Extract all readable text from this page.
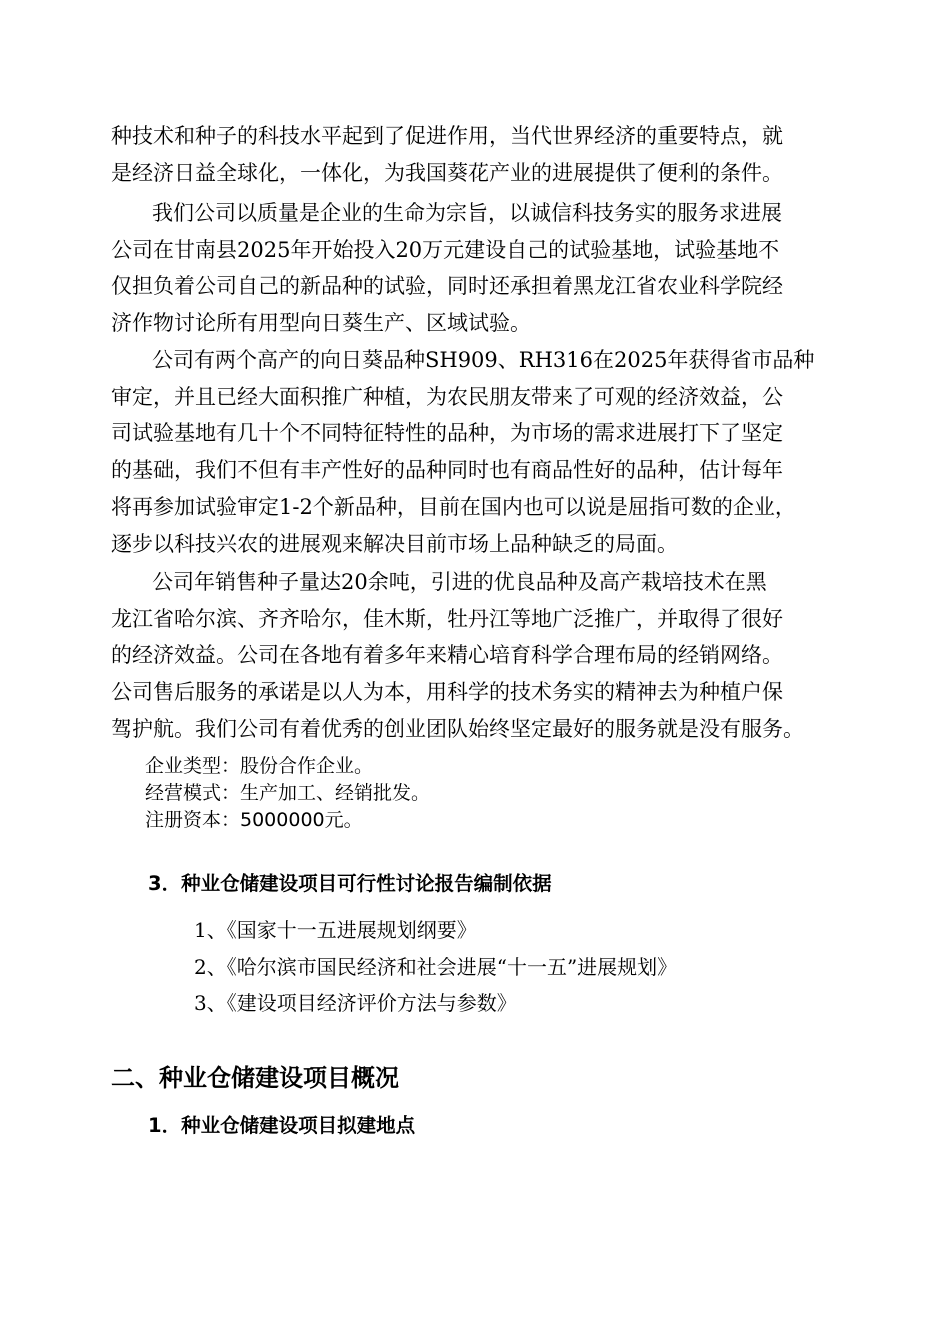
种技术和种子的科技水平起到了促进作用，当代世界经济的重要特点，就
是经济日益全球化，一体化，为我国葵花产业的进展提供了便利的条件。
我们公司以质量是企业的生命为宗旨，以诚信科技务实的服务求进展
公司在甘南县2025年开始投入20万元建设自己的试验基地，试验基地不
仅担负着公司自己的新品种的试验，同时还承担着黑龙江省农业科学院经
济作物讨论所有用型向日葵生产、区域试验。
公司有两个高产的向日葵品种SH909、RH316在2025年获得省市品种
审定，并且已经大面积推广种植，为农民朋友带来了可观的经济效益，公
司试验基地有几十个不同特征特性的品种，为市场的需求进展打下了坚定
的基础，我们不但有丰产性好的品种同时也有商品性好的品种，估计每年
将再参加试验审定1-2个新品种，目前在国内也可以说是屈指可数的企业，
逐步以科技兴农的进展观来解决目前市场上品种缺乏的局面。
公司年销售种子量达20余吨，引进的优良品种及高产栽培技术在黑
龙江省哈尔滨、齐齐哈尔，佳木斯，牡丹江等地广泛推广，并取得了很好
的经济效益。公司在各地有着多年来精心培育科学合理布局的经销网络。
公司售后服务的承诺是以人为本，用科学的技术务实的精神去为种植户保
驾护航。我们公司有着优秀的创业团队始终坚定最好的服务就是没有服务。
企业类型：股份合作企业。
经营模式：生产加工、经销批发。
注册资本：5000000元。
3．种业仓储建设项目可行性讨论报告编制依据
1、《国家十一五进展规划纲要》
2、《哈尔滨市国民经济和社会进展“十一五”进展规划》
3、《建设项目经济评价方法与参数》
二、种业仓储建设项目概况
1．种业仓储建设项目拟建地点
